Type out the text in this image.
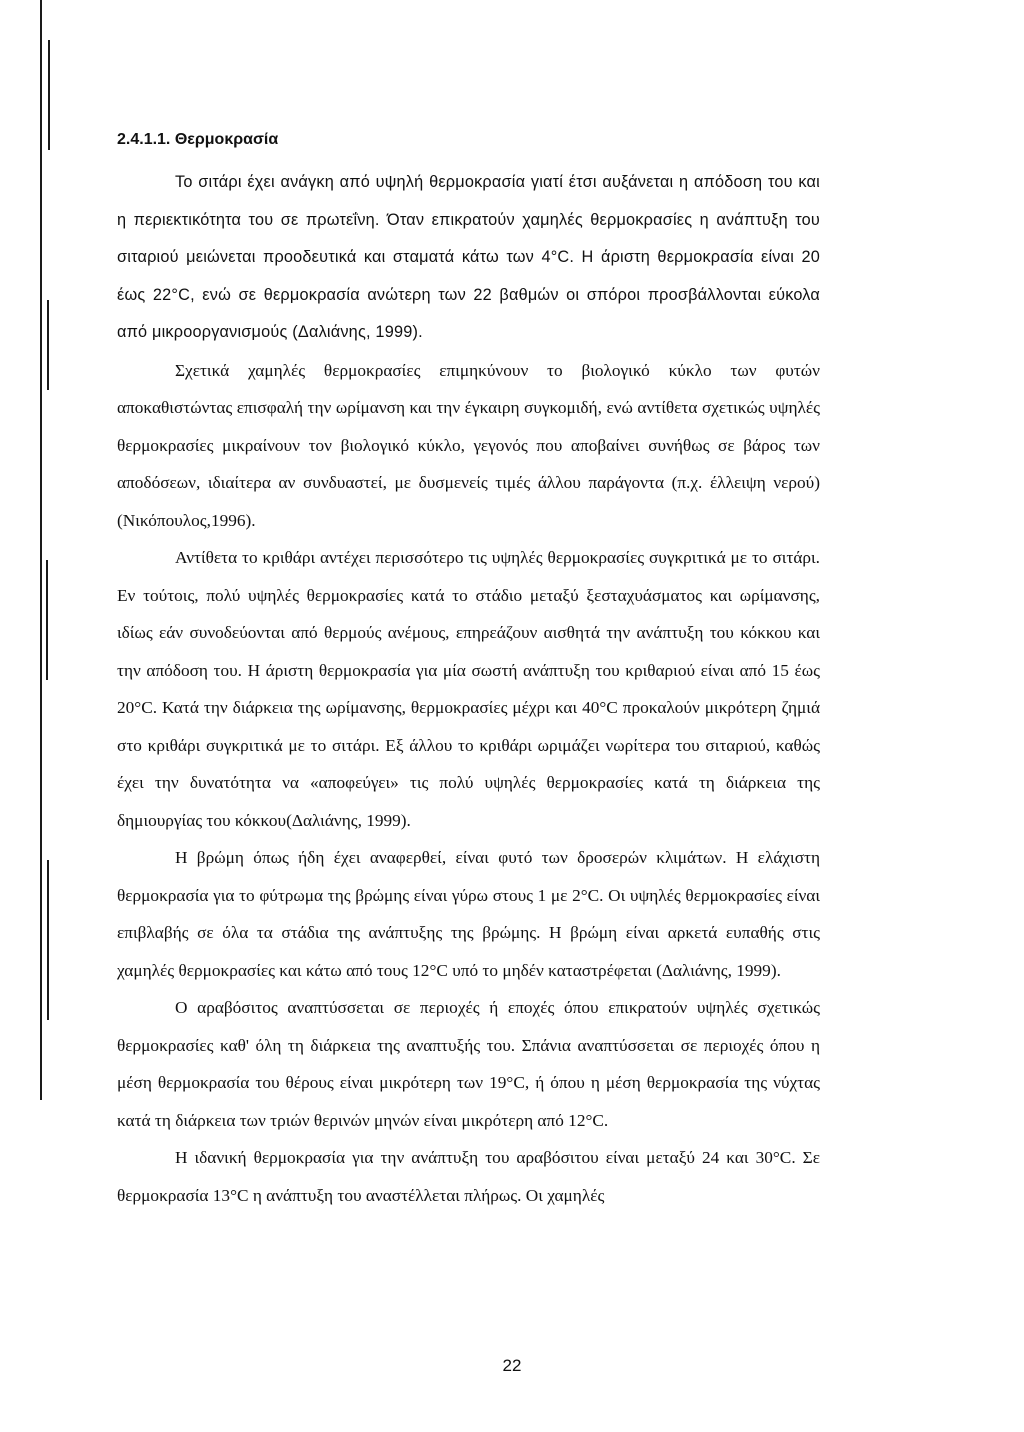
2.4.1.1. Θερμοκρασία

Το σιτάρι έχει ανάγκη από υψηλή θερμοκρασία γιατί έτσι αυξάνεται η απόδοση του και η περιεκτικότητα του σε πρωτεΐνη. Όταν επικρατούν χαμηλές θερμοκρασίες η ανάπτυξη του σιταριού μειώνεται προοδευτικά και σταματά κάτω των 4°C. Η άριστη θερμοκρασία είναι 20 έως 22°C, ενώ σε θερμοκρασία ανώτερη των 22 βαθμών οι σπόροι προσβάλλονται εύκολα από μικροοργανισμούς (Δαλιάνης, 1999).

Σχετικά χαμηλές θερμοκρασίες επιμηκύνουν το βιολογικό κύκλο των φυτών αποκαθιστώντας επισφαλή την ωρίμανση και την έγκαιρη συγκομιδή, ενώ αντίθετα σχετικώς υψηλές θερμοκρασίες μικραίνουν τον βιολογικό κύκλο, γεγονός που αποβαίνει συνήθως σε βάρος των αποδόσεων, ιδιαίτερα αν συνδυαστεί, με δυσμενείς τιμές άλλου παράγοντα (π.χ. έλλειψη νερού) (Νικόπουλος,1996).

Αντίθετα το κριθάρι αντέχει περισσότερο τις υψηλές θερμοκρασίες συγκριτικά με το σιτάρι. Εν τούτοις, πολύ υψηλές θερμοκρασίες κατά το στάδιο μεταξύ ξεσταχυάσματος και ωρίμανσης, ιδίως εάν συνοδεύονται από θερμούς ανέμους, επηρεάζουν αισθητά την ανάπτυξη του κόκκου και την απόδοση του. Η άριστη θερμοκρασία για μία σωστή ανάπτυξη του κριθαριού είναι από 15 έως 20°C. Κατά την διάρκεια της ωρίμανσης, θερμοκρασίες μέχρι και 40°C προκαλούν μικρότερη ζημιά στο κριθάρι συγκριτικά με το σιτάρι. Εξ άλλου το κριθάρι ωριμάζει νωρίτερα του σιταριού, καθώς έχει την δυνατότητα να «αποφεύγει» τις πολύ υψηλές θερμοκρασίες κατά τη διάρκεια της δημιουργίας του κόκκου(Δαλιάνης, 1999).

Η βρώμη όπως ήδη έχει αναφερθεί, είναι φυτό των δροσερών κλιμάτων. Η ελάχιστη θερμοκρασία για το φύτρωμα της βρώμης είναι γύρω στους 1 με 2°C. Οι υψηλές θερμοκρασίες είναι επιβλαβής σε όλα τα στάδια της ανάπτυξης της βρώμης. Η βρώμη είναι αρκετά ευπαθής στις χαμηλές θερμοκρασίες και κάτω από τους 12°C υπό το μηδέν καταστρέφεται (Δαλιάνης, 1999).

Ο αραβόσιτος αναπτύσσεται σε περιοχές ή εποχές όπου επικρατούν υψηλές σχετικώς θερμοκρασίες καθ' όλη τη διάρκεια της αναπτυξής του. Σπάνια αναπτύσσεται σε περιοχές όπου η μέση θερμοκρασία του θέρους είναι μικρότερη των 19°C, ή όπου η μέση θερμοκρασία της νύχτας κατά τη διάρκεια των τριών θερινών μηνών είναι μικρότερη από 12°C.

Η ιδανική θερμοκρασία για την ανάπτυξη του αραβόσιτου είναι μεταξύ 24 και 30°C. Σε θερμοκρασία 13°C η ανάπτυξη του αναστέλλεται πλήρως. Οι χαμηλές

22
